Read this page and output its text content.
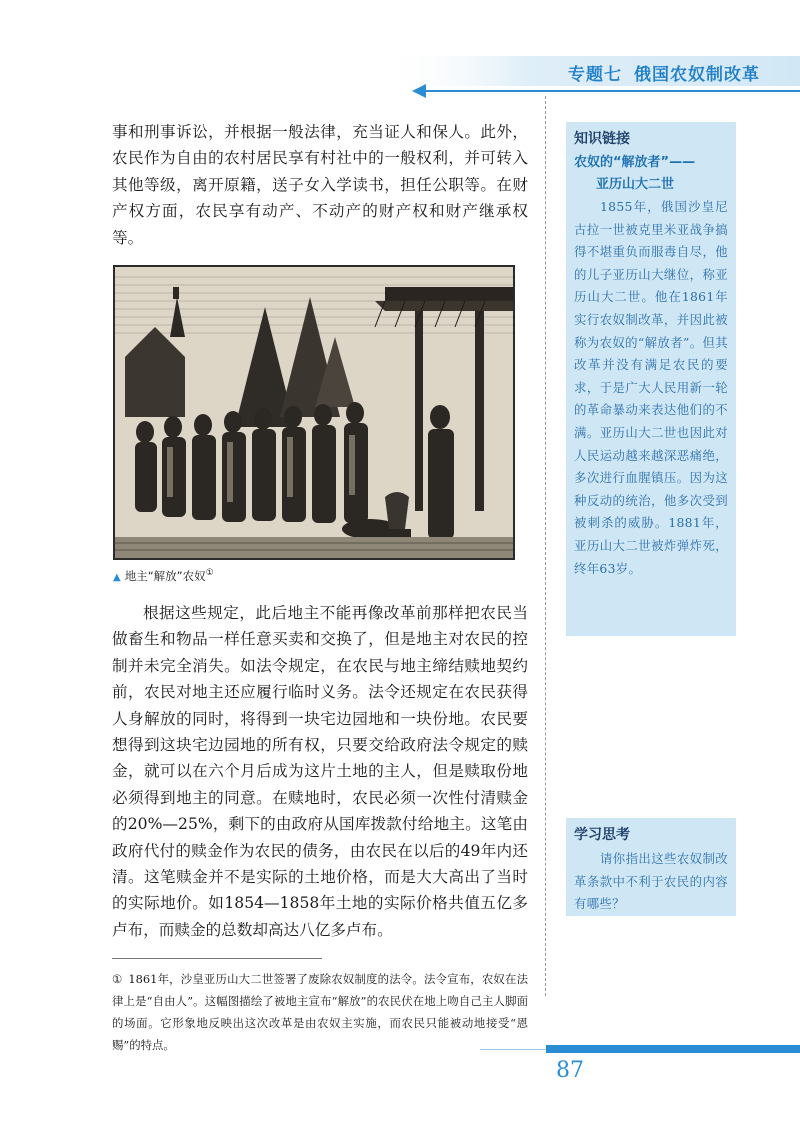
专题七 俄国农奴制改革

事和刑事诉讼，并根据一般法律，充当证人和保人。此外，农民作为自由的农村居民享有村社中的一般权利，并可转入其他等级，离开原籍，送子女入学读书，担任公职等。在财产权方面，农民享有动产、不动产的财产权和财产继承权等。

▲ 地主“解放”农奴①

根据这些规定，此后地主不能再像改革前那样把农民当做畜生和物品一样任意买卖和交换了，但是地主对农民的控制并未完全消失。如法令规定，在农民与地主缔结赎地契约前，农民对地主还应履行临时义务。法令还规定在农民获得人身解放的同时，将得到一块宅边园地和一块份地。农民要想得到这块宅边园地的所有权，只要交给政府法令规定的赎金，就可以在六个月后成为这片土地的主人，但是赎取份地必须得到地主的同意。在赎地时，农民必须一次性付清赎金的20%—25%，剩下的由政府从国库拨款付给地主。这笔由政府代付的赎金作为农民的债务，由农民在以后的49年内还清。这笔赎金并不是实际的土地价格，而是大大高出了当时的实际地价。如1854—1858年土地的实际价格共值五亿多卢布，而赎金的总数却高达八亿多卢布。

① 1861年，沙皇亚历山大二世签署了废除农奴制度的法令。法令宣布，农奴在法律上是“自由人”。这幅图描绘了被地主宣布“解放”的农民伏在地上吻自己主人脚面的场面。它形象地反映出这次改革是由农奴主实施，而农民只能被动地接受“恩赐”的特点。

知识链接

农奴的“解放者”——

亚历山大二世

1855年，俄国沙皇尼古拉一世被克里米亚战争搞得不堪重负而服毒自尽，他的儿子亚历山大继位，称亚历山大二世。他在1861年实行农奴制改革，并因此被称为农奴的“解放者”。但其改革并没有满足农民的要求，于是广大人民用新一轮的革命暴动来表达他们的不满。亚历山大二世也因此对人民运动越来越深恶痛绝，多次进行血腥镇压。因为这种反动的统治，他多次受到被刺杀的威胁。1881年，亚历山大二世被炸弹炸死，终年63岁。

学习思考

请你指出这些农奴制改革条款中不利于农民的内容有哪些？

87
